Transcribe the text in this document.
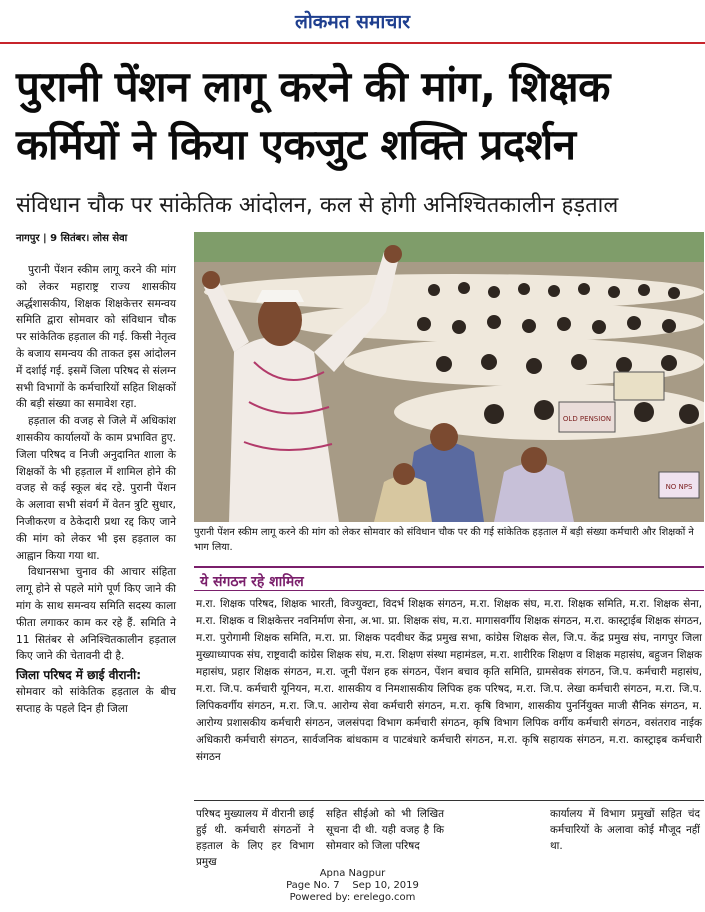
लोकमत समाचार
पुरानी पेंशन लागू करने की मांग, शिक्षक
कर्मियों ने किया एकजुट शक्ति प्रदर्शन
संविधान चौक पर सांकेतिक आंदोलन, कल से होगी अनिश्चितकालीन हड़ताल
नागपुर | 9 सितंबर। लोस सेवा

पुरानी पेंशन स्कीम लागू करने की मांग को लेकर महाराष्ट्र राज्य शासकीय अर्द्धशासकीय, शिक्षक शिक्षकेत्तर समन्वय समिति द्वारा सोमवार को संविधान चौक पर सांकेतिक हड़ताल की गई. किसी नेतृत्व के बजाय समन्वय की ताकत इस आंदोलन में दर्शाई गई. इसमें जिला परिषद से संलग्न सभी विभागों के कर्मचारियों सहित शिक्षकों की बड़ी संख्या का समावेश रहा.

हड़ताल की वजह से जिले में अधिकांश शासकीय कार्यालयों के काम प्रभावित हुए. जिला परिषद व निजी अनुदानित शाला के शिक्षकों के भी हड़ताल में शामिल होने की वजह से कई स्कूल बंद रहे. पुरानी पेंशन के अलावा सभी संवर्ग में वेतन त्रुटि सुधार, निजीकरण व ठेकेदारी प्रथा रद्द किए जाने की मांग को लेकर भी इस हड़ताल का आह्वान किया गया था.

विधानसभा चुनाव की आचार संहिता लागू होने से पहले मांगे पूर्ण किए जाने की मांग के साथ समन्वय समिति सदस्य काला फीता लगाकर काम कर रहे हैं. समिति ने 11 सितंबर से अनिश्चितकालीन हड़ताल किए जाने की चेतावनी दी है.

जिला परिषद में छाई वीरानी:

सोमवार को सांकेतिक हड़ताल के बीच सप्ताह के पहले दिन ही जिला

OLD PENSION
NO NPS
पुरानी पेंशन स्कीम लागू करने की मांग को लेकर सोमवार को संविधान चौक पर की गई सांकेतिक हड़ताल में बड़ी संख्या कर्मचारी और शिक्षकों ने भाग लिया.
ये संगठन रहे शामिल
म.रा. शिक्षक परिषद, शिक्षक भारती, विज्युक्टा, विदर्भ शिक्षक संगठन, म.रा. शिक्षक संघ, म.रा. शिक्षक समिति, म.रा. शिक्षक सेना, म.रा. शिक्षक व शिक्षकेत्तर नवनिर्माण सेना, अ.भा. प्रा. शिक्षक संघ, म.रा. मागासवर्गीय शिक्षक संगठन, म.रा. कास्ट्राईब शिक्षक संगठन, म.रा. पुरोगामी शिक्षक समिति, म.रा. प्रा. शिक्षक पदवीधर केंद्र प्रमुख सभा, कांग्रेस शिक्षक सेल, जि.प. केंद्र प्रमुख संघ, नागपुर जिला मुख्याध्यापक संघ, राष्ट्रवादी कांग्रेस शिक्षक संघ, म.रा. शिक्षण संस्था महामंडल, म.रा. शारीरिक शिक्षण व शिक्षक महासंघ, बहुजन शिक्षक महासंघ, प्रहार शिक्षक संगठन, म.रा. जूनी पेंशन हक संगठन, पेंशन बचाव कृति समिति, ग्रामसेवक संगठन, जि.प. कर्मचारी महासंघ, म.रा. जि.प. कर्मचारी यूनियन, म.रा. शासकीय व निमशासकीय लिपिक हक परिषद, म.रा. जि.प. लेखा कर्मचारी संगठन, म.रा. जि.प. लिपिकवर्गीय संगठन, म.रा. जि.प. आरोग्य सेवा कर्मचारी संगठन, म.रा. कृषि विभाग, शासकीय पुनर्नियुक्त माजी सैनिक संगठन, म. आरोग्य प्रशासकीय कर्मचारी संगठन, जलसंपदा विभाग कर्मचारी संगठन, कृषि विभाग लिपिक वर्गीय कर्मचारी संगठन, वसंतराव नाईक अधिकारी कर्मचारी संगठन, सार्वजनिक बांधकाम व पाटबंधारे कर्मचारी संगठन, म.रा. कृषि सहायक संगठन, म.रा. कास्ट्राइब कर्मचारी संगठन
परिषद मुख्यालय में वीरानी छाई हुई थी. कर्मचारी संगठनों ने हड़ताल के लिए हर विभाग प्रमुख
सहित सीईओ को भी लिखित सूचना दी थी. यही वजह है कि सोमवार को जिला परिषद
कार्यालय में विभाग प्रमुखों सहित चंद कर्मचारियों के अलावा कोई मौजूद नहीं था.
Apna Nagpur
Page No. 7    Sep 10, 2019
Powered by: erelego.com
